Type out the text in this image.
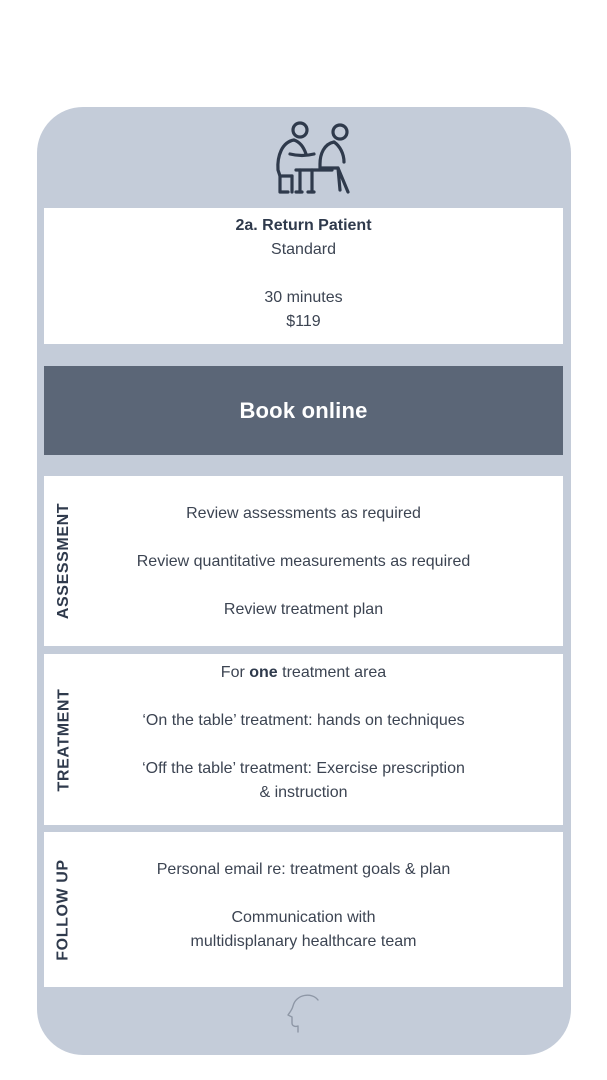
2a. Return Patient
Standard
30 minutes
$119
Book online
ASSESSMENT	Review assessments as required
Review quantitative measurements as required
Review treatment plan
TREATMENT
For one treatment area
‘On the table’ treatment: hands on techniques
‘Off the table’ treatment: Exercise prescription
& instruction
FOLLOW UP	Personal email re: treatment goals & plan
Communication with
multidisplanary healthcare team
